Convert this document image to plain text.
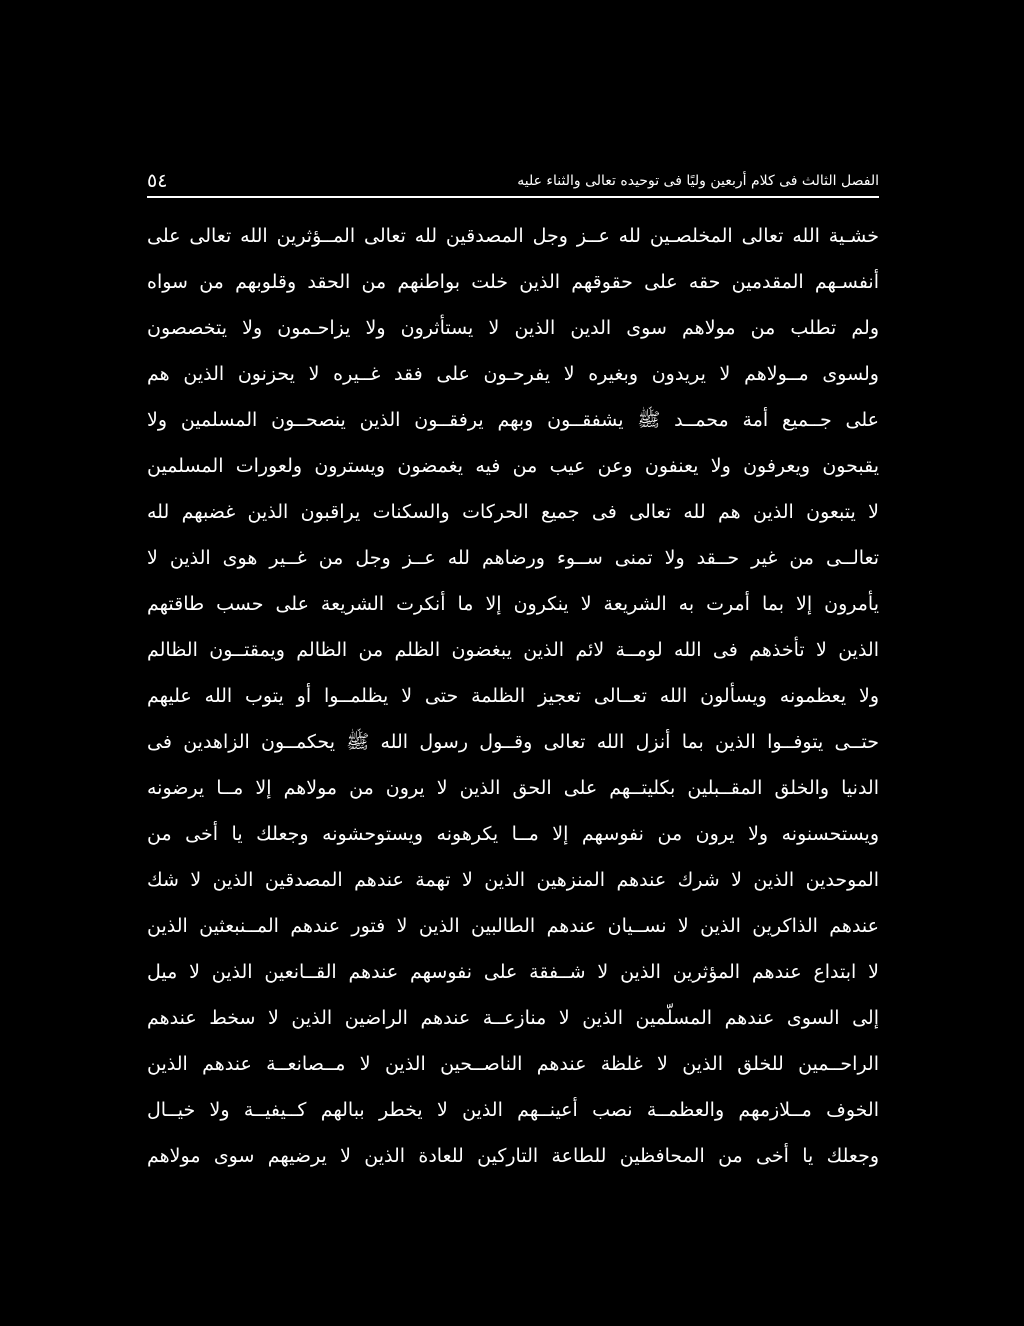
الفصل الثالث فى كلام أربعين وليًا فى توحيده تعالى والثناء عليه
٥٤
خشـية الله تعالى المخلصـين لله عــز وجل المصدقين لله تعالى المــؤثرين الله تعالى على
أنفسـهم المقدمين حقه على حقوقهم الذين خلت بواطنهم من الحقد وقلوبهم من سواه
ولم تطلب من مولاهم سوى الدين الذين لا يستأثرون ولا يزاحـمون ولا يتخصصون
ولسوى مــولاهم لا يريدون وبغيره لا يفرحـون على فقد غــيره لا يحزنون الذين هم
على جــميع أمة محمــد ﷺ يشفقــون وبهم يرفقــون الذين ينصحــون المسلمين ولا
يقبحون ويعرفون ولا يعنفون وعن عيب من فيه يغمضون ويسترون ولعورات المسلمين
لا يتبعون الذين هم لله تعالى فى جميع الحركات والسكنات يراقبون الذين غضبهم لله
تعالــى من غير حــقد ولا تمنى ســوء ورضاهم لله عــز وجل من غــير هوى الذين لا
يأمرون إلا بما أمرت به الشريعة لا ينكرون إلا ما أنكرت الشريعة على حسب طاقتهم
الذين لا تأخذهم فى الله لومــة لائم الذين يبغضون الظلم من الظالم ويمقتــون الظالم
ولا يعظمونه ويسألون الله تعــالى تعجيز الظلمة حتى لا يظلمــوا أو يتوب الله عليهم
حتــى يتوفــوا الذين بما أنزل الله تعالى وقــول رسول الله ﷺ يحكمــون الزاهدين فى
الدنيا والخلق المقــبلين بكليتــهم على الحق الذين لا يرون من مولاهم إلا مــا يرضونه
ويستحسنونه ولا يرون من نفوسهم إلا مــا يكرهونه ويستوحشونه وجعلك يا أخى من
الموحدين الذين لا شرك عندهم المنزهين الذين لا تهمة عندهم المصدقين الذين لا شك
عندهم الذاكرين الذين لا نســيان عندهم الطالبين الذين لا فتور عندهم المــنبعثين الذين
لا ابتداع عندهم المؤثرين الذين لا شــفقة على نفوسهم عندهم القــانعين الذين لا ميل
إلى السوى عندهم المسلّمين الذين لا منازعــة عندهم الراضين الذين لا سخط عندهم
الراحــمين للخلق الذين لا غلظة عندهم الناصــحين الذين لا مــصانعــة عندهم الذين
الخوف مــلازمهم والعظمــة نصب أعينــهم الذين لا يخطر ببالهم كــيفيــة ولا خيــال
وجعلك يا أخى من المحافظين للطاعة التاركين للعادة الذين لا يرضيهم سوى مولاهم
